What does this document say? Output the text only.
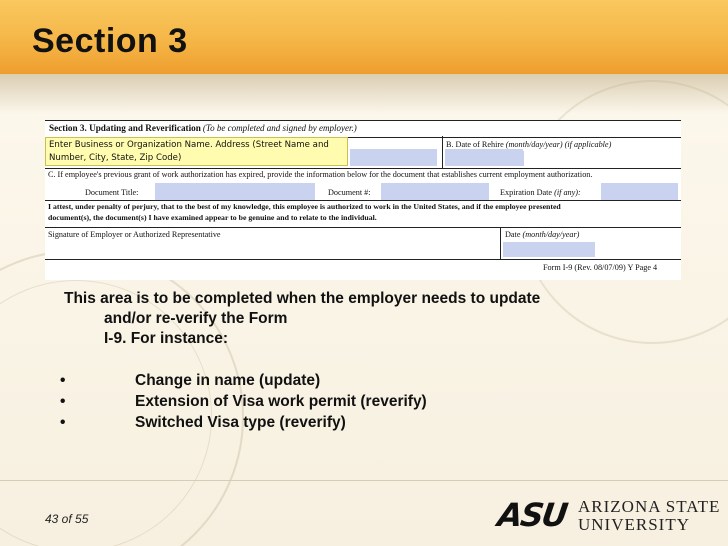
Section 3
Section 3. Updating and Reverification (To be completed and signed by employer.)
B. Date of Rehire (month/day/year) (if applicable)
Enter Business or Organization Name. Address (Street Name and Number, City, State, Zip Code)
C. If employee's previous grant of work authorization has expired, provide the information below for the document that establishes current employment authorization.
Document Title:	Document #:	Expiration Date (if any):
I attest, under penalty of perjury, that to the best of my knowledge, this employee is authorized to work in the United States, and if the employee presented
document(s), the document(s) I have examined appear to be genuine and to relate to the individual.
Signature of Employer or Authorized Representative	Date (month/day/year)
Form I-9 (Rev. 08/07/09) Y Page 4
This area is to be completed when the employer needs to update
and/or re-verify the Form
I-9. For instance:
•	Change in name (update)
•	Extension of Visa work permit (reverify)
•	Switched Visa type (reverify)
43 of 55	ASU ARIZONA STATE
UNIVERSITY
